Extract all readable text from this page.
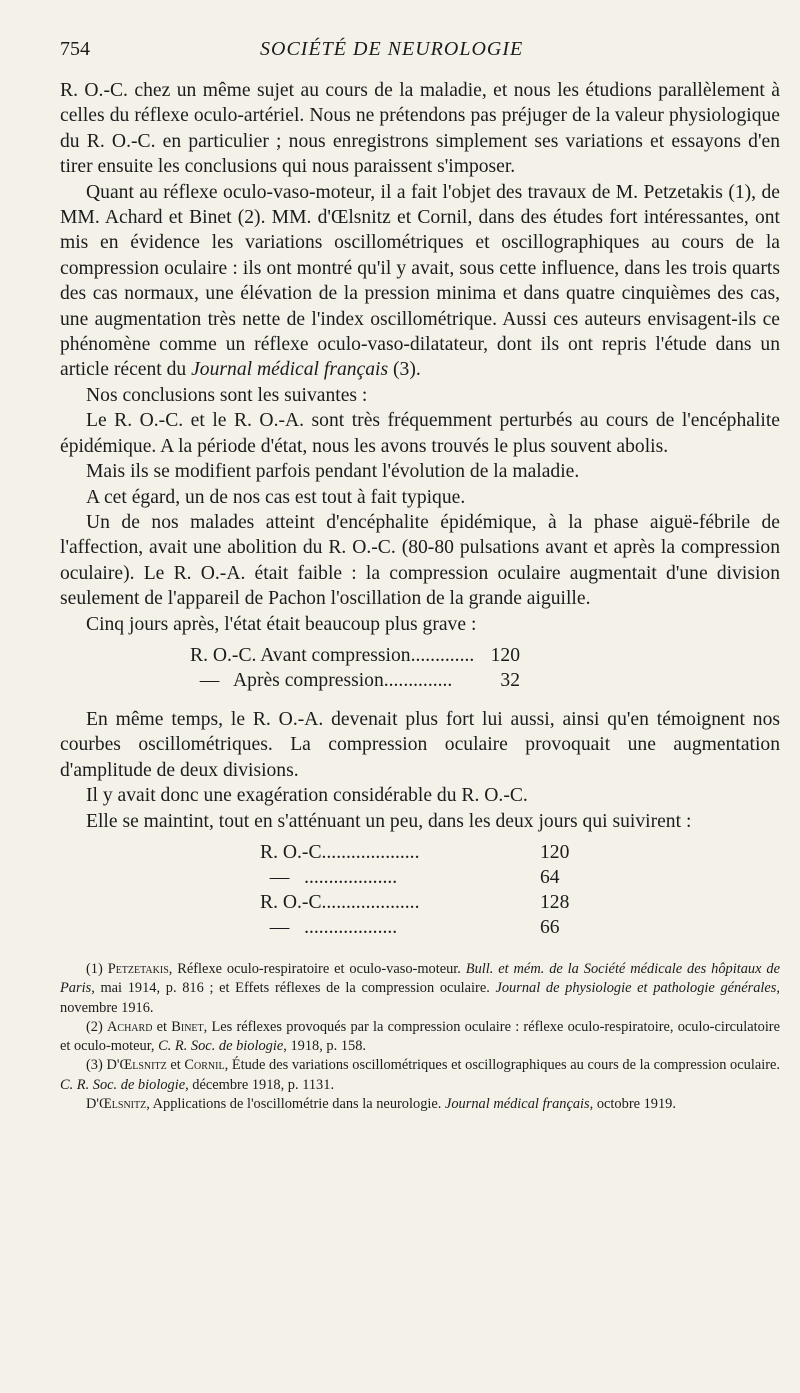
754	SOCIÉTÉ DE NEUROLOGIE

R. O.-C. chez un même sujet au cours de la maladie, et nous les étudions parallèlement à celles du réflexe oculo-artériel. Nous ne prétendons pas préjuger de la valeur physiologique du R. O.-C. en particulier ; nous enregistrons simplement ses variations et essayons d'en tirer ensuite les conclusions qui nous paraissent s'imposer.

Quant au réflexe oculo-vaso-moteur, il a fait l'objet des travaux de M. Petzetakis (1), de MM. Achard et Binet (2). MM. d'Œlsnitz et Cornil, dans des études fort intéressantes, ont mis en évidence les variations oscillométriques et oscillographiques au cours de la compression oculaire : ils ont montré qu'il y avait, sous cette influence, dans les trois quarts des cas normaux, une élévation de la pression minima et dans quatre cinquièmes des cas, une augmentation très nette de l'index oscillométrique. Aussi ces auteurs envisagent-ils ce phénomène comme un réflexe oculo-vaso-dilatateur, dont ils ont repris l'étude dans un article récent du Journal médical français (3).

Nos conclusions sont les suivantes :

Le R. O.-C. et le R. O.-A. sont très fréquemment perturbés au cours de l'encéphalite épidémique. A la période d'état, nous les avons trouvés le plus souvent abolis.

Mais ils se modifient parfois pendant l'évolution de la maladie.

A cet égard, un de nos cas est tout à fait typique.

Un de nos malades atteint d'encéphalite épidémique, à la phase aiguë-fébrile de l'affection, avait une abolition du R. O.-C. (80-80 pulsations avant et après la compression oculaire). Le R. O.-A. était faible : la compression oculaire augmentait d'une division seulement de l'appareil de Pachon l'oscillation de la grande aiguille.

Cinq jours après, l'état était beaucoup plus grave :

R. O.-C. Avant compression............. 120
—   Après compression..............	32

En même temps, le R. O.-A. devenait plus fort lui aussi, ainsi qu'en témoignent nos courbes oscillométriques. La compression oculaire provoquait une augmentation d'amplitude de deux divisions.

Il y avait donc une exagération considérable du R. O.-C.

Elle se maintint, tout en s'atténuant un peu, dans les deux jours qui suivirent :

R. O.-C....................	120
—   ...................	64
R. O.-C....................	128
—   ...................	66

(1) Petzetakis, Réflexe oculo-respiratoire et oculo-vaso-moteur. Bull. et mém. de la Société médicale des hôpitaux de Paris, mai 1914, p. 816 ; et Effets réflexes de la compression oculaire. Journal de physiologie et pathologie générales, novembre 1916.

(2) Achard et Binet, Les réflexes provoqués par la compression oculaire : réflexe oculo-respiratoire, oculo-circulatoire et oculo-moteur, C. R. Soc. de biologie, 1918, p. 158.

(3) D'Œlsnitz et Cornil, Étude des variations oscillométriques et oscillographiques au cours de la compression oculaire. C. R. Soc. de biologie, décembre 1918, p. 1131.

D'Œlsnitz, Applications de l'oscillométrie dans la neurologie. Journal médical français, octobre 1919.
